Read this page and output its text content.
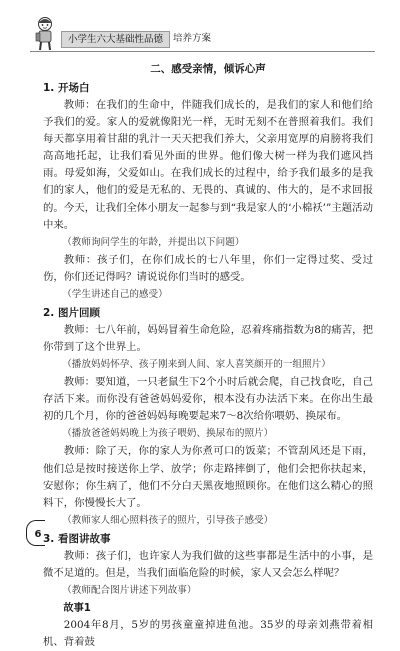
小学生六大基础性品德	培养方案
二、感受亲情，倾诉心声
1. 开场白

教师：在我们的生命中，伴随我们成长的，是我们的家人和他们给予我们的爱。家人的爱就像阳光一样，无时无刻不在普照着我们。我们每天都享用着甘甜的乳汁一天天把我们养大，父亲用宽厚的肩膀将我们高高地托起，让我们看见外面的世界。他们像大树一样为我们遮风挡雨。母爱如海，父爱如山。在我们成长的过程中，给予我们最多的是我们的家人，他们的爱是无私的、无畏的、真诚的、伟大的，是不求回报的。今天，让我们全体小朋友一起参与到“我是家人的‘小棉袄’”主题活动中来。

（教师询问学生的年龄，并提出以下问题）

教师：孩子们，在你们成长的七八年里，你们一定得过奖、受过伤，你们还记得吗？请说说你们当时的感受。

（学生讲述自己的感受）
2. 图片回顾

教师：七八年前，妈妈冒着生命危险，忍着疼痛指数为8的痛苦，把你带到了这个世界上。

（播放妈妈怀孕、孩子刚来到人间、家人喜笑颜开的一组照片）

教师：要知道，一只老鼠生下2个小时后就会爬，自己找食吃，自己存活下来。而你没有爸爸妈妈爱你，根本没有办法活下来。在你出生最初的几个月，你的爸爸妈妈每晚要起来7～8次给你喂奶、换尿布。

（播放爸爸妈妈晚上为孩子喂奶、换尿布的照片）

教师：除了天，你的家人为你煮可口的饭菜；不管刮风还是下雨，他们总是按时接送你上学、放学；你走路摔倒了，他们会把你扶起来，安慰你；你生病了，他们不分白天黑夜地照顾你。在他们这么精心的照料下，你慢慢长大了。

（教师家人细心照料孩子的照片，引导孩子感受）
3. 看图讲故事

教师：孩子们，也许家人为我们做的这些事都是生活中的小事，是微不足道的。但是，当我们面临危险的时候，家人又会怎么样呢？

（教师配合图片讲述下列故事）
故事1

2004年8月，5岁的男孩童童掉进鱼池。35岁的母亲刘燕带着相机、背着鼓

6
